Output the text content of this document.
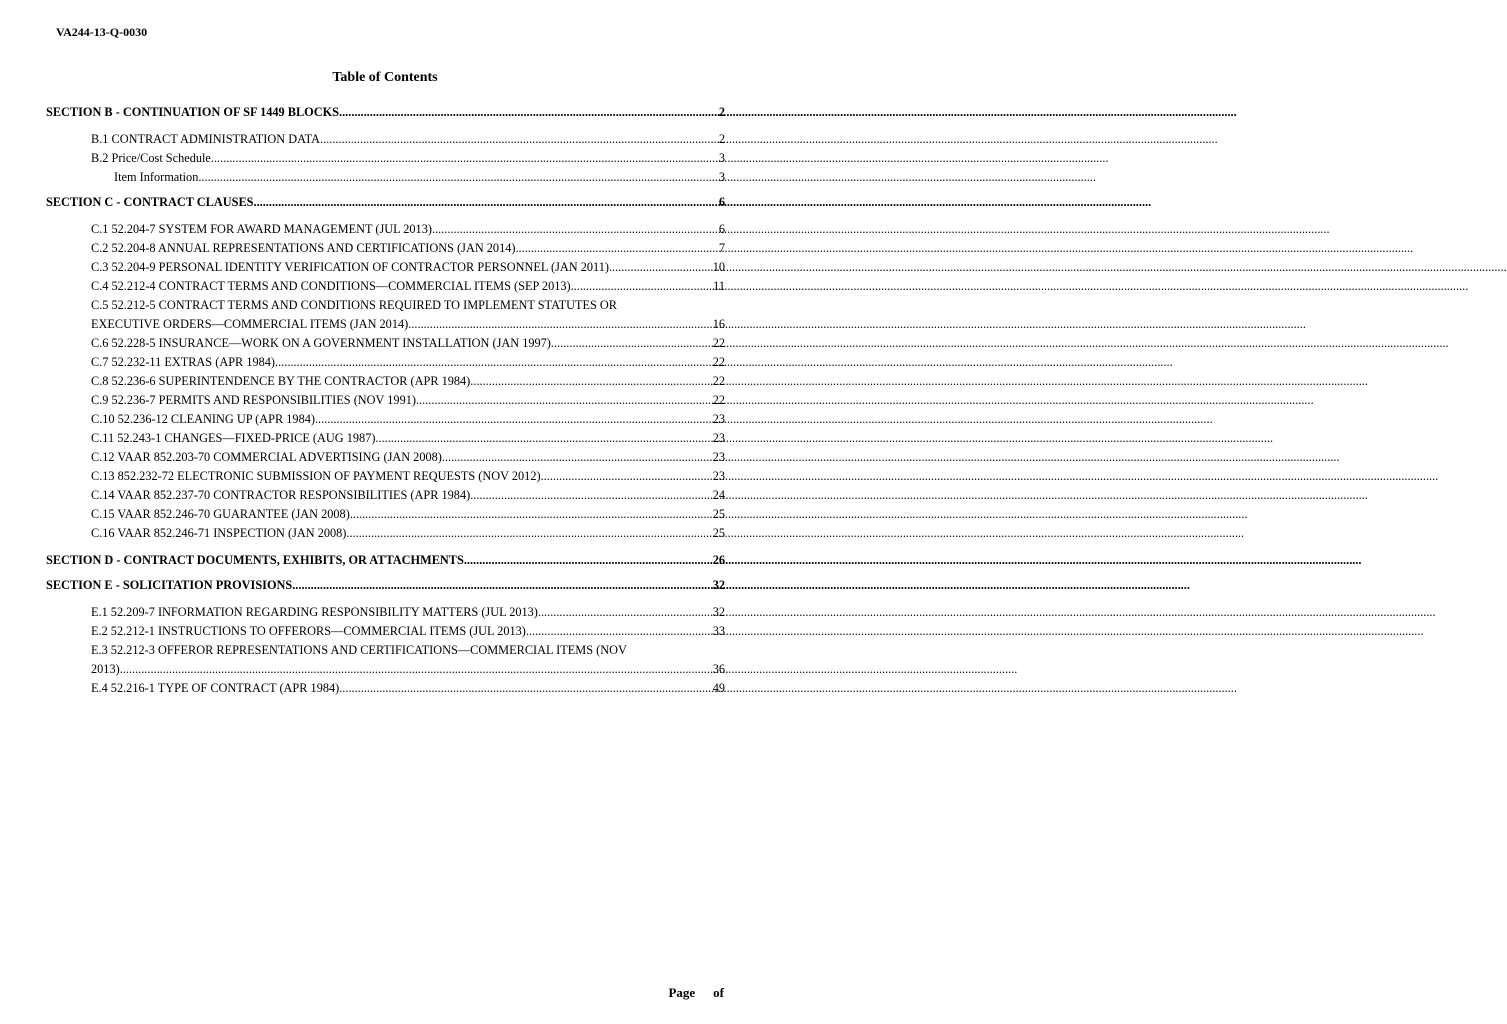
VA244-13-Q-0030
Table of Contents
SECTION B - CONTINUATION OF SF 1449 BLOCKS .....	2
B.1 CONTRACT ADMINISTRATION DATA .....	2
B.2 Price/Cost Schedule .....	3
Item Information .....	3
SECTION C - CONTRACT CLAUSES .....	6
C.1 52.204-7 SYSTEM FOR AWARD MANAGEMENT (JUL 2013) .....	6
C.2 52.204-8 ANNUAL REPRESENTATIONS AND CERTIFICATIONS (JAN 2014) .....	7
C.3 52.204-9 PERSONAL IDENTITY VERIFICATION OF CONTRACTOR PERSONNEL (JAN 2011) .....	10
C.4 52.212-4 CONTRACT TERMS AND CONDITIONS—COMMERCIAL ITEMS (SEP 2013) .....	11
C.5 52.212-5 CONTRACT TERMS AND CONDITIONS REQUIRED TO IMPLEMENT STATUTES OR
EXECUTIVE ORDERS—COMMERCIAL ITEMS (JAN 2014) .....	16
C.6 52.228-5 INSURANCE—WORK ON A GOVERNMENT INSTALLATION (JAN 1997) .....	22
C.7 52.232-11 EXTRAS (APR 1984) .....	22
C.8 52.236-6 SUPERINTENDENCE BY THE CONTRACTOR (APR 1984) .....	22
C.9 52.236-7 PERMITS AND RESPONSIBILITIES (NOV 1991) .....	22
C.10 52.236-12 CLEANING UP (APR 1984) .....	23
C.11 52.243-1 CHANGES—FIXED-PRICE (AUG 1987) .....	23
C.12 VAAR 852.203-70 COMMERCIAL ADVERTISING (JAN 2008) .....	23
C.13 852.232-72 ELECTRONIC SUBMISSION OF PAYMENT REQUESTS (NOV 2012) .....	23
C.14 VAAR 852.237-70 CONTRACTOR RESPONSIBILITIES (APR 1984) .....	24
C.15 VAAR 852.246-70 GUARANTEE (JAN 2008) .....	25
C.16 VAAR 852.246-71 INSPECTION (JAN 2008) .....	25
SECTION D - CONTRACT DOCUMENTS, EXHIBITS, OR ATTACHMENTS .....	26
SECTION E - SOLICITATION PROVISIONS .....	32
E.1 52.209-7 INFORMATION REGARDING RESPONSIBILITY MATTERS (JUL 2013) .....	32
E.2 52.212-1 INSTRUCTIONS TO OFFERORS—COMMERCIAL ITEMS (JUL 2013) .....	33
E.3 52.212-3 OFFEROR REPRESENTATIONS AND CERTIFICATIONS—COMMERCIAL ITEMS (NOV
2013) .....	36
E.4 52.216-1 TYPE OF CONTRACT (APR 1984) .....	49
Page of
